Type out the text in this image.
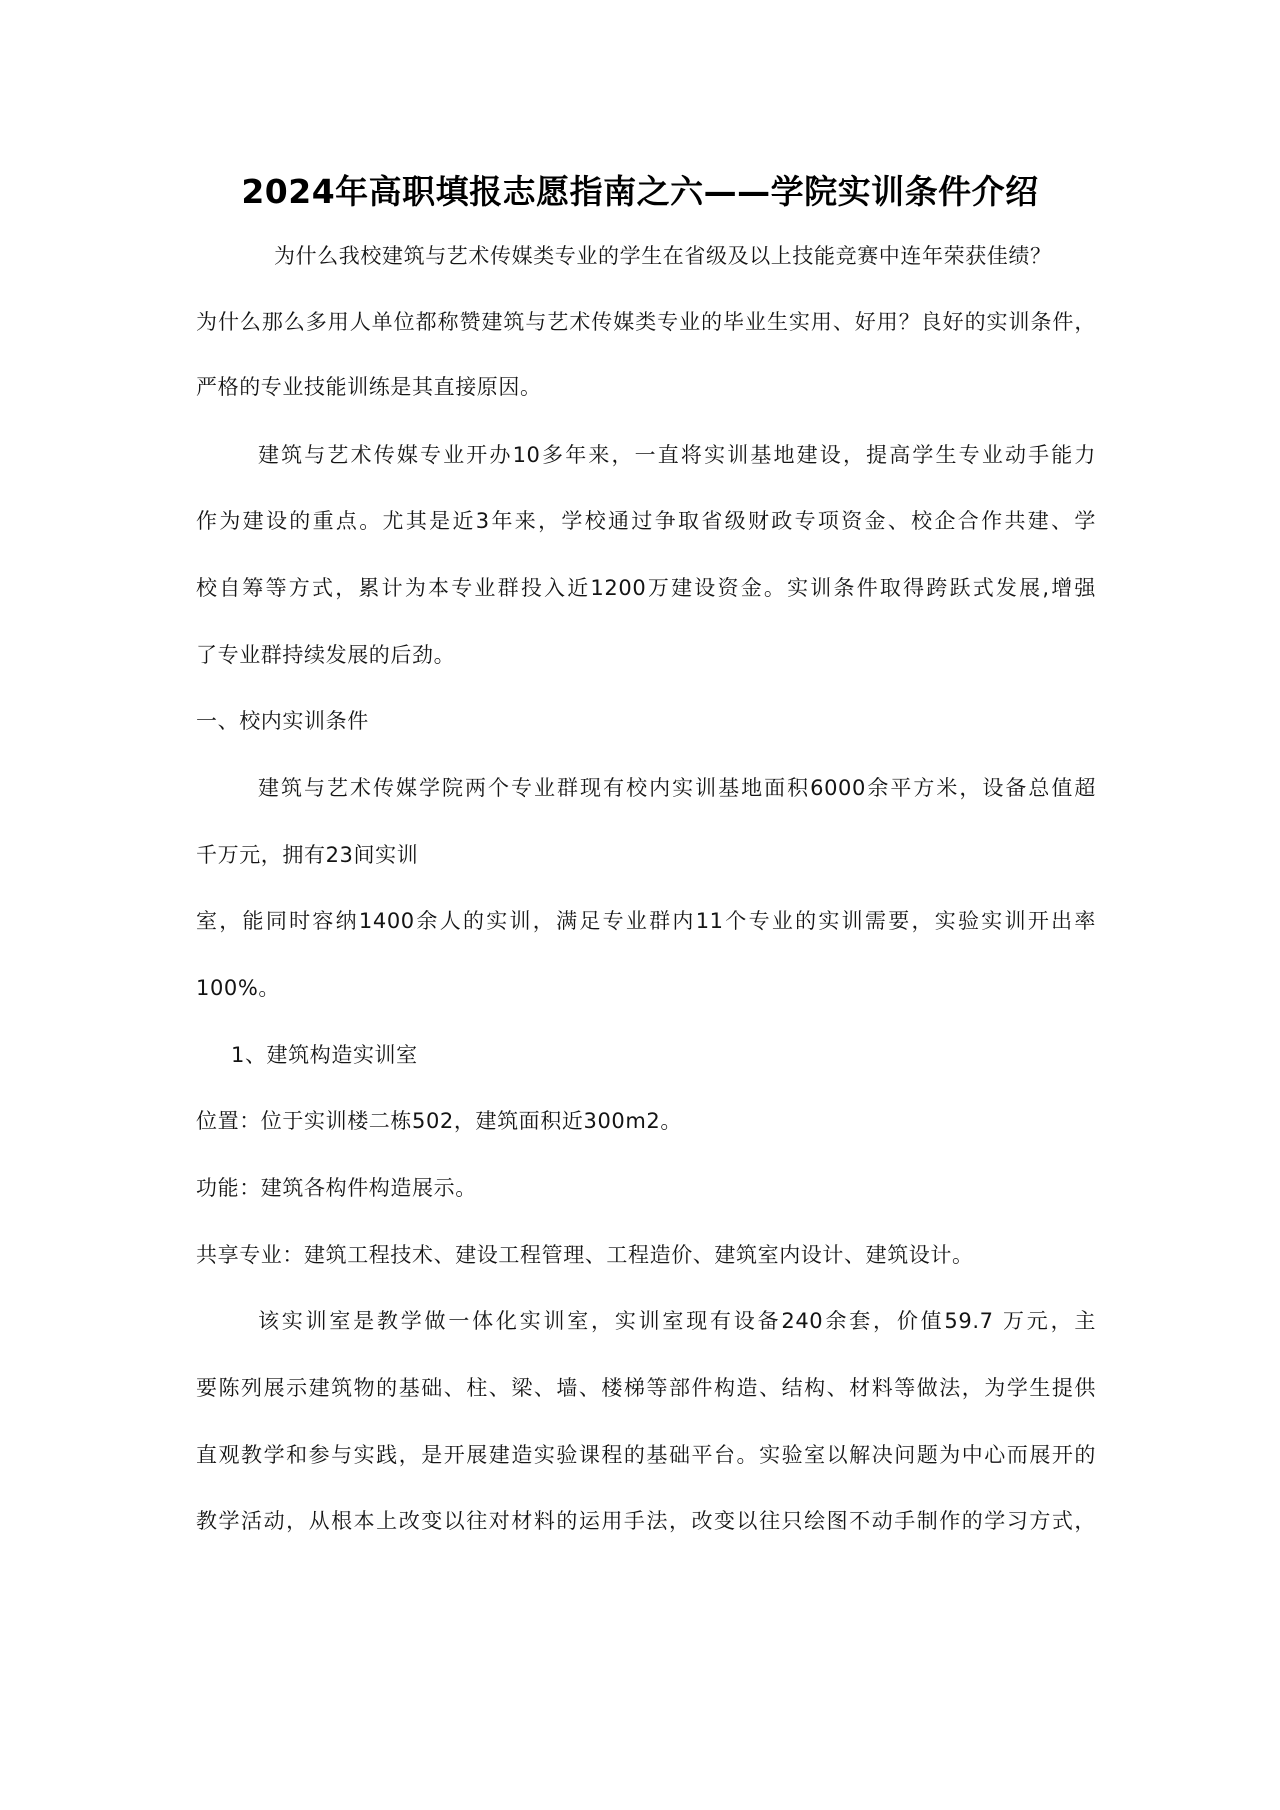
2024年高职填报志愿指南之六——学院实训条件介绍
为什么我校建筑与艺术传媒类专业的学生在省级及以上技能竞赛中连年荣获佳绩？
为什么那么多用人单位都称赞建筑与艺术传媒类专业的毕业生实用、好用？良好的实训条件，
严格的专业技能训练是其直接原因。
建筑与艺术传媒专业开办10多年来，一直将实训基地建设，提高学生专业动手能力
作为建设的重点。尤其是近3年来，学校通过争取省级财政专项资金、校企合作共建、学
校自筹等方式，累计为本专业群投入近1200万建设资金。实训条件取得跨跃式发展,增强
了专业群持续发展的后劲。
一、校内实训条件
建筑与艺术传媒学院两个专业群现有校内实训基地面积6000余平方米，设备总值超
千万元，拥有23间实训
室，能同时容纳1400余人的实训，满足专业群内11个专业的实训需要，实验实训开出率
100%。
1、建筑构造实训室
位置：位于实训楼二栋502，建筑面积近300m2。
功能：建筑各构件构造展示。
共享专业：建筑工程技术、建设工程管理、工程造价、建筑室内设计、建筑设计。
该实训室是教学做一体化实训室，实训室现有设备240余套，价值59.7 万元，主
要陈列展示建筑物的基础、柱、梁、墙、楼梯等部件构造、结构、材料等做法，为学生提供
直观教学和参与实践，是开展建造实验课程的基础平台。实验室以解决问题为中心而展开的
教学活动，从根本上改变以往对材料的运用手法，改变以往只绘图不动手制作的学习方式，
